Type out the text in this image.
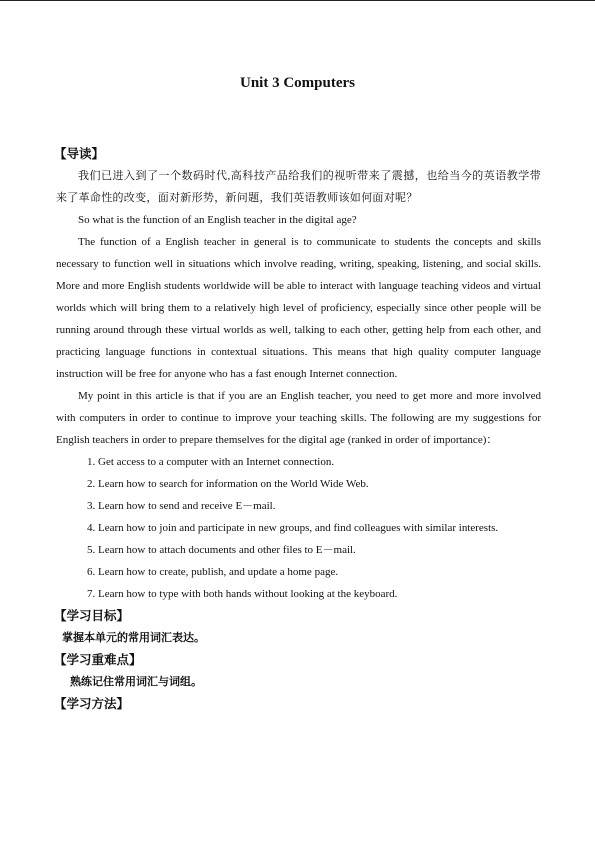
Unit 3 Computers
【导读】
我们已进入到了一个数码时代,高科技产品给我们的视听带来了震撼，也给当今的英语教学带来了革命性的改变，面对新形势，新问题，我们英语教师该如何面对呢？
So what is the function of an English teacher in the digital age?
The function of a English teacher in general is to communicate to students the concepts and skills necessary to function well in situations which involve reading, writing, speaking, listening, and social skills. More and more English students worldwide will be able to interact with language teaching videos and virtual worlds which will bring them to a relatively high level of proficiency, especially since other people will be running around through these virtual worlds as well, talking to each other, getting help from each other, and practicing language functions in contextual situations. This means that high quality computer language instruction will be free for anyone who has a fast enough Internet connection.
My point in this article is that if you are an English teacher, you need to get more and more involved with computers in order to continue to improve your teaching skills. The following are my suggestions for English teachers in order to prepare themselves for the digital age (ranked in order of importance)：
1. Get access to a computer with an Internet connection.
2. Learn how to search for information on the World Wide Web.
3. Learn how to send and receive E－mail.
4. Learn how to join and participate in new groups, and find colleagues with similar interests.
5. Learn how to attach documents and other files to E－mail.
6. Learn how to create, publish, and update a home page.
7. Learn how to type with both hands without looking at the keyboard.
【学习目标】
掌握本单元的常用词汇表达。
【学习重难点】
熟练记住常用词汇与词组。
【学习方法】
